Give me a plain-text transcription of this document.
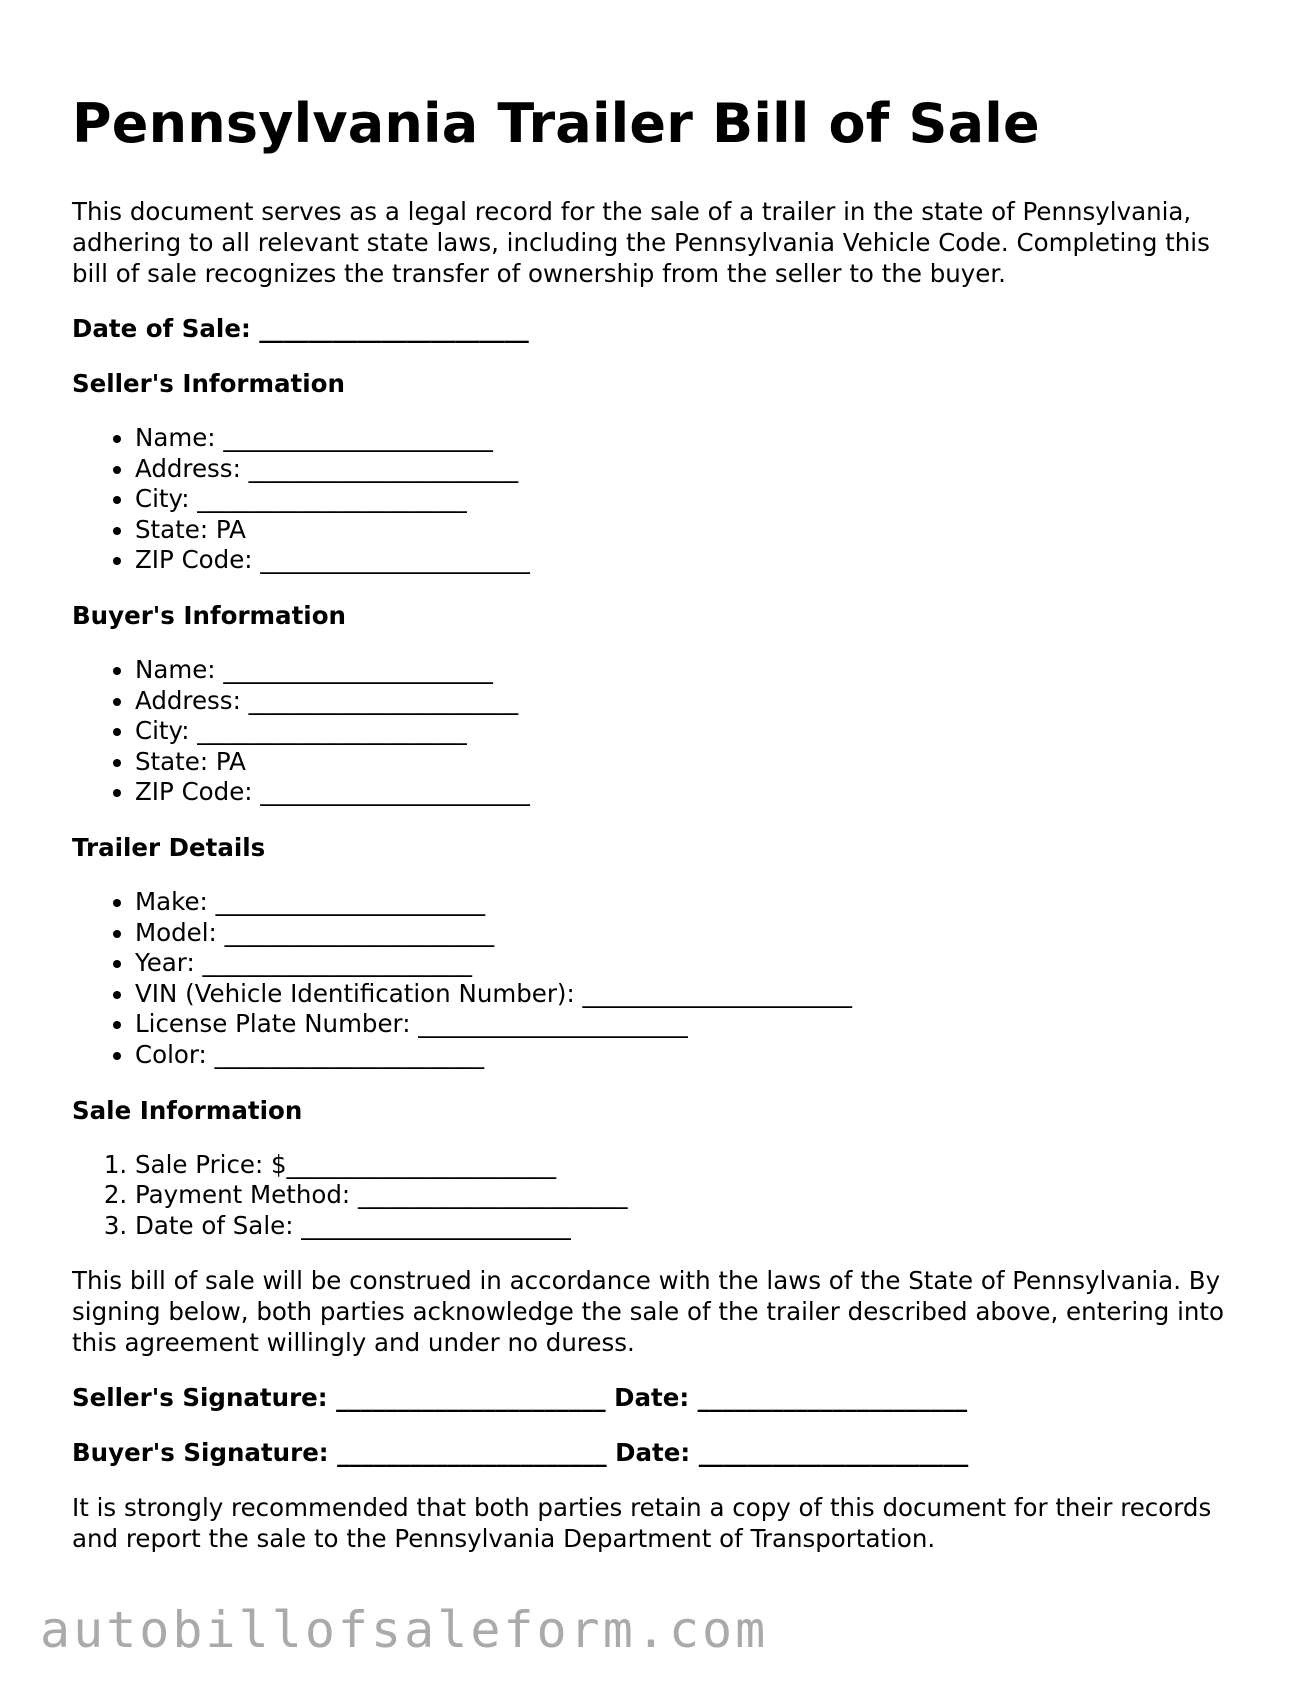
Pennsylvania Trailer Bill of Sale

This document serves as a legal record for the sale of a trailer in the state of Pennsylvania, adhering to all relevant state laws, including the Pennsylvania Vehicle Code. Completing this bill of sale recognizes the transfer of ownership from the seller to the buyer.

Date of Sale: ______________________

Seller's Information
• Name: ______________________
• Address: ______________________
• City: ______________________
• State: PA
• ZIP Code: ______________________
Buyer's Information
• Name: ______________________
• Address: ______________________
• City: ______________________
• State: PA
• ZIP Code: ______________________
Trailer Details
• Make: ______________________
• Model: ______________________
• Year: ______________________
• VIN (Vehicle Identification Number): ______________________
• License Plate Number: ______________________
• Color: ______________________
Sale Information
1. Sale Price: $______________________
2. Payment Method: ______________________
3. Date of Sale: ______________________

This bill of sale will be construed in accordance with the laws of the State of Pennsylvania. By signing below, both parties acknowledge the sale of the trailer described above, entering into this agreement willingly and under no duress.

Seller's Signature: ______________________ Date: ______________________

Buyer's Signature: ______________________ Date: ______________________

It is strongly recommended that both parties retain a copy of this document for their records and report the sale to the Pennsylvania Department of Transportation.

autobillofsaleform.com
